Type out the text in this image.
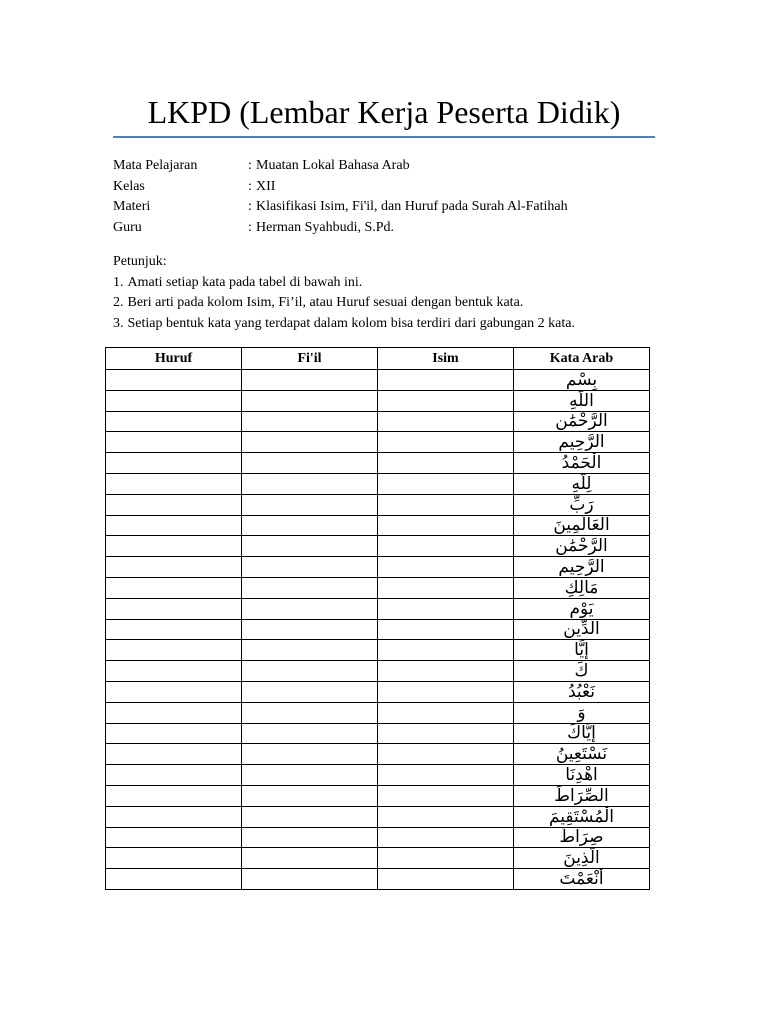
LKPD (Lembar Kerja Peserta Didik)
Mata Pelajaran	: Muatan Lokal Bahasa Arab
Kelas	: XII
Materi	: Klasifikasi Isim, Fi'il, dan Huruf pada Surah Al-Fatihah
Guru	: Herman Syahbudi, S.Pd.
Petunjuk:
1. Amati setiap kata pada tabel di bawah ini.
2. Beri arti pada kolom Isim, Fi’il, atau Huruf sesuai dengan bentuk kata.
3. Setiap bentuk kata yang terdapat dalam kolom bisa terdiri dari gabungan 2 kata.
Huruf	Fi'il	Isim	Kata Arab
			بِسْمِ
			اللَّهِ
			الرَّحْمَٰنِ
			الرَّحِيمِ
			الْحَمْدُ
			لِلَّهِ
			رَبِّ
			الْعَالَمِينَ
			الرَّحْمَٰنِ
			الرَّحِيمِ
			مَالِكِ
			يَوْمِ
			الدِّينِ
			إِيَّا
			كَ
			نَعْبُدُ
			وَ
			إِيَّاكَ
			نَسْتَعِينُ
			اهْدِنَا
			الصِّرَاطَ
			الْمُسْتَقِيمَ
			صِرَاطَ
			الَّذِينَ
			أَنْعَمْتَ
